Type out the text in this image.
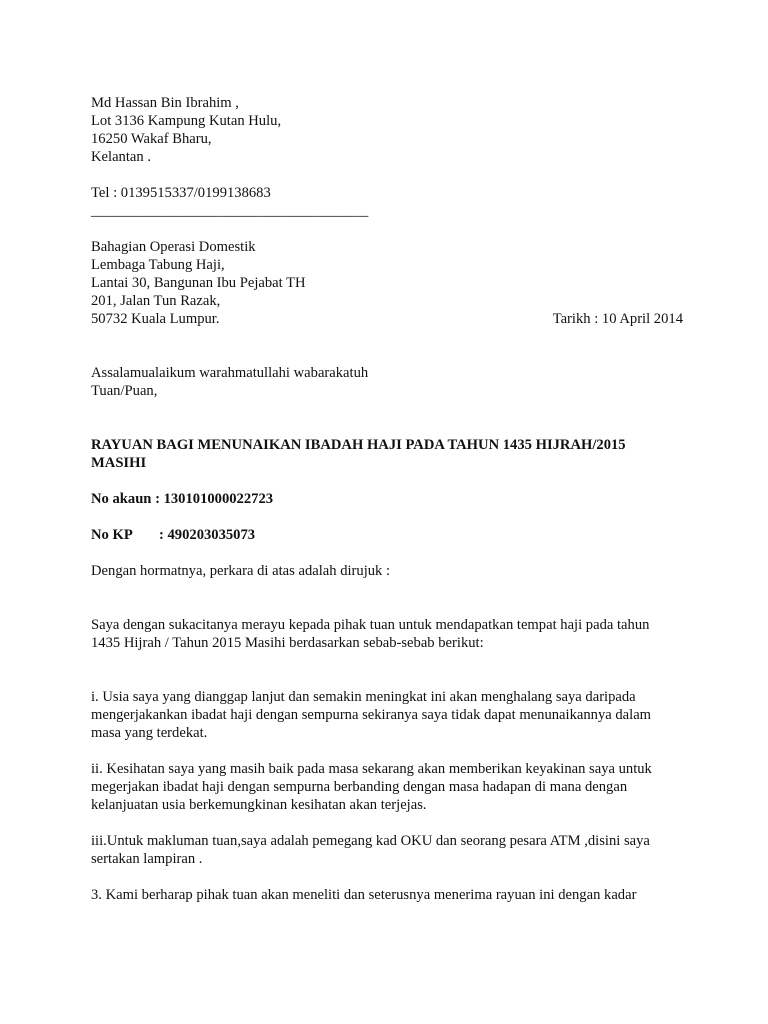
Md Hassan Bin Ibrahim ,
Lot 3136 Kampung Kutan Hulu,
16250 Wakaf Bharu,
Kelantan .
Tel : 0139515337/0199138683
______________________________________
Bahagian Operasi Domestik
Lembaga Tabung Haji,
Lantai 30, Bangunan Ibu Pejabat TH
201, Jalan Tun Razak,
50732 Kuala Lumpur.	Tarikh : 10 April 2014
Assalamualaikum warahmatullahi wabarakatuh
Tuan/Puan,
RAYUAN BAGI MENUNAIKAN IBADAH HAJI PADA TAHUN 1435 HIJRAH/2015
MASIHI
No akaun : 130101000022723
No KP : 490203035073
Dengan hormatnya, perkara di atas adalah dirujuk :
Saya dengan sukacitanya merayu kepada pihak tuan untuk mendapatkan tempat haji pada tahun
1435 Hijrah / Tahun 2015 Masihi berdasarkan sebab-sebab berikut:
i. Usia saya yang dianggap lanjut dan semakin meningkat ini akan menghalang saya daripada
mengerjakankan ibadat haji dengan sempurna sekiranya saya tidak dapat menunaikannya dalam
masa yang terdekat.
ii. Kesihatan saya yang masih baik pada masa sekarang akan memberikan keyakinan saya untuk
megerjakan ibadat haji dengan sempurna berbanding dengan masa hadapan di mana dengan
kelanjuatan usia berkemungkinan kesihatan akan terjejas.
iii.Untuk makluman tuan,saya adalah pemegang kad OKU dan seorang pesara ATM ,disini saya
sertakan lampiran .
3. Kami berharap pihak tuan akan meneliti dan seterusnya menerima rayuan ini dengan kadar
